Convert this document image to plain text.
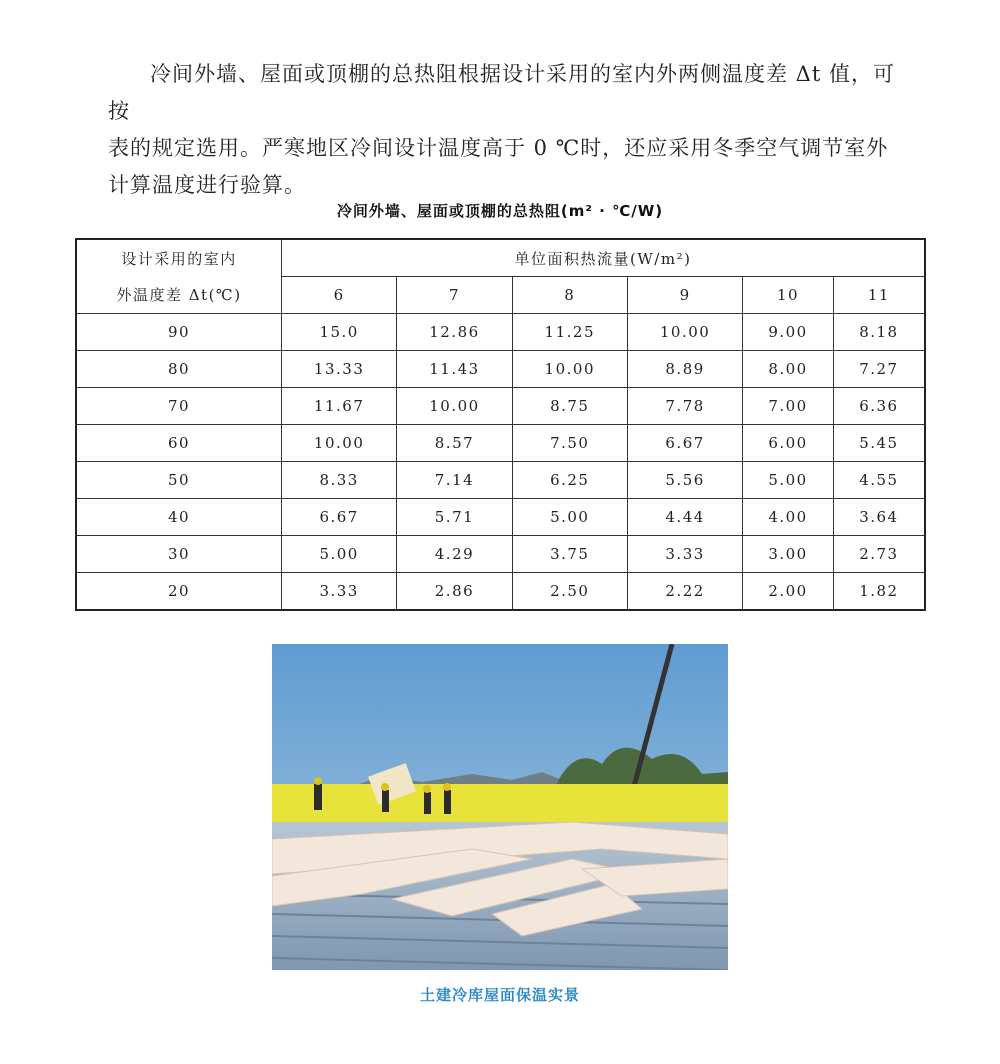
冷间外墙、屋面或顶棚的总热阻根据设计采用的室内外两侧温度差 Δt 值，可按

表的规定选用。严寒地区冷间设计温度高于 0 ℃时，还应采用冬季空气调节室外

计算温度进行验算。

冷间外墙、屋面或顶棚的总热阻(m² · ℃/W)
设计采用的室内
外温度差 Δt(℃)	单位面积热流量(W/m²)					
	6	7	8	9	10	11
90	15.0	12.86	11.25	10.00	9.00	8.18
80	13.33	11.43	10.00	8.89	8.00	7.27
70	11.67	10.00	8.75	7.78	7.00	6.36
60	10.00	8.57	7.50	6.67	6.00	5.45
50	8.33	7.14	6.25	5.56	5.00	4.55
40	6.67	5.71	5.00	4.44	4.00	3.64
30	5.00	4.29	3.75	3.33	3.00	2.73
20	3.33	2.86	2.50	2.22	2.00	1.82
土建冷库屋面保温实景
